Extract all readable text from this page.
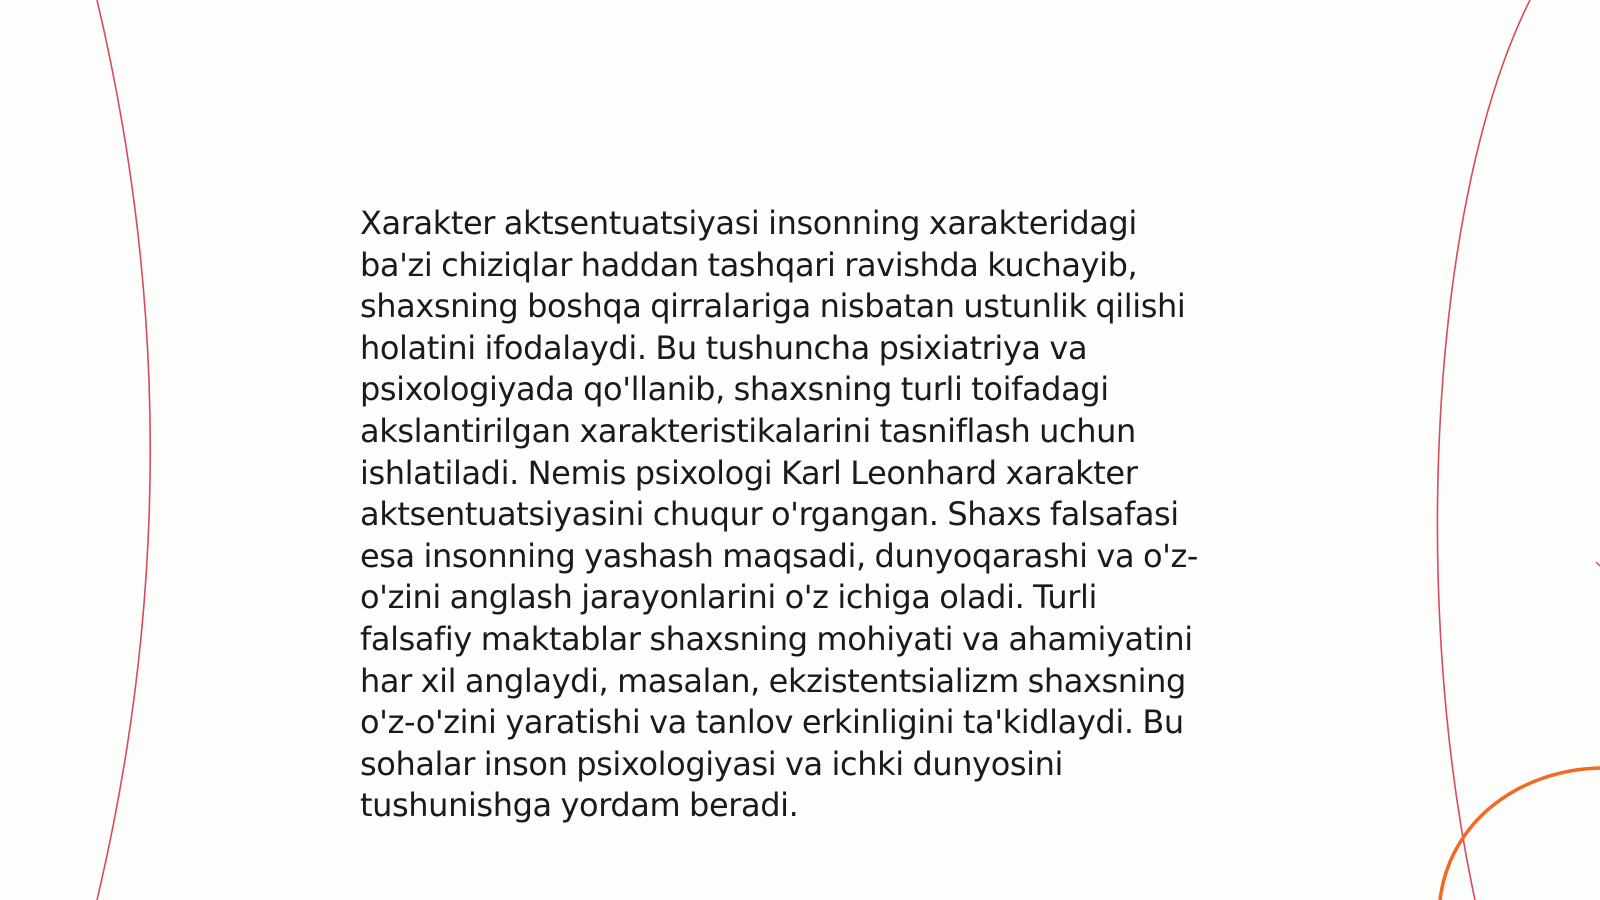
Xarakter aktsentuatsiyasi insonning xarakteridagi
ba'zi chiziqlar haddan tashqari ravishda kuchayib,
shaxsning boshqa qirralariga nisbatan ustunlik qilishi
holatini ifodalaydi. Bu tushuncha psixiatriya va
psixologiyada qo'llanib, shaxsning turli toifadagi
akslantirilgan xarakteristikalarini tasniflash uchun
ishlatiladi. Nemis psixologi Karl Leonhard xarakter
aktsentuatsiyasini chuqur o'rgangan. Shaxs falsafasi
esa insonning yashash maqsadi, dunyoqarashi va o'z-
o'zini anglash jarayonlarini o'z ichiga oladi. Turli
falsafiy maktablar shaxsning mohiyati va ahamiyatini
har xil anglaydi, masalan, ekzistentsializm shaxsning
o'z-o'zini yaratishi va tanlov erkinligini ta'kidlaydi. Bu
sohalar inson psixologiyasi va ichki dunyosini
tushunishga yordam beradi.
